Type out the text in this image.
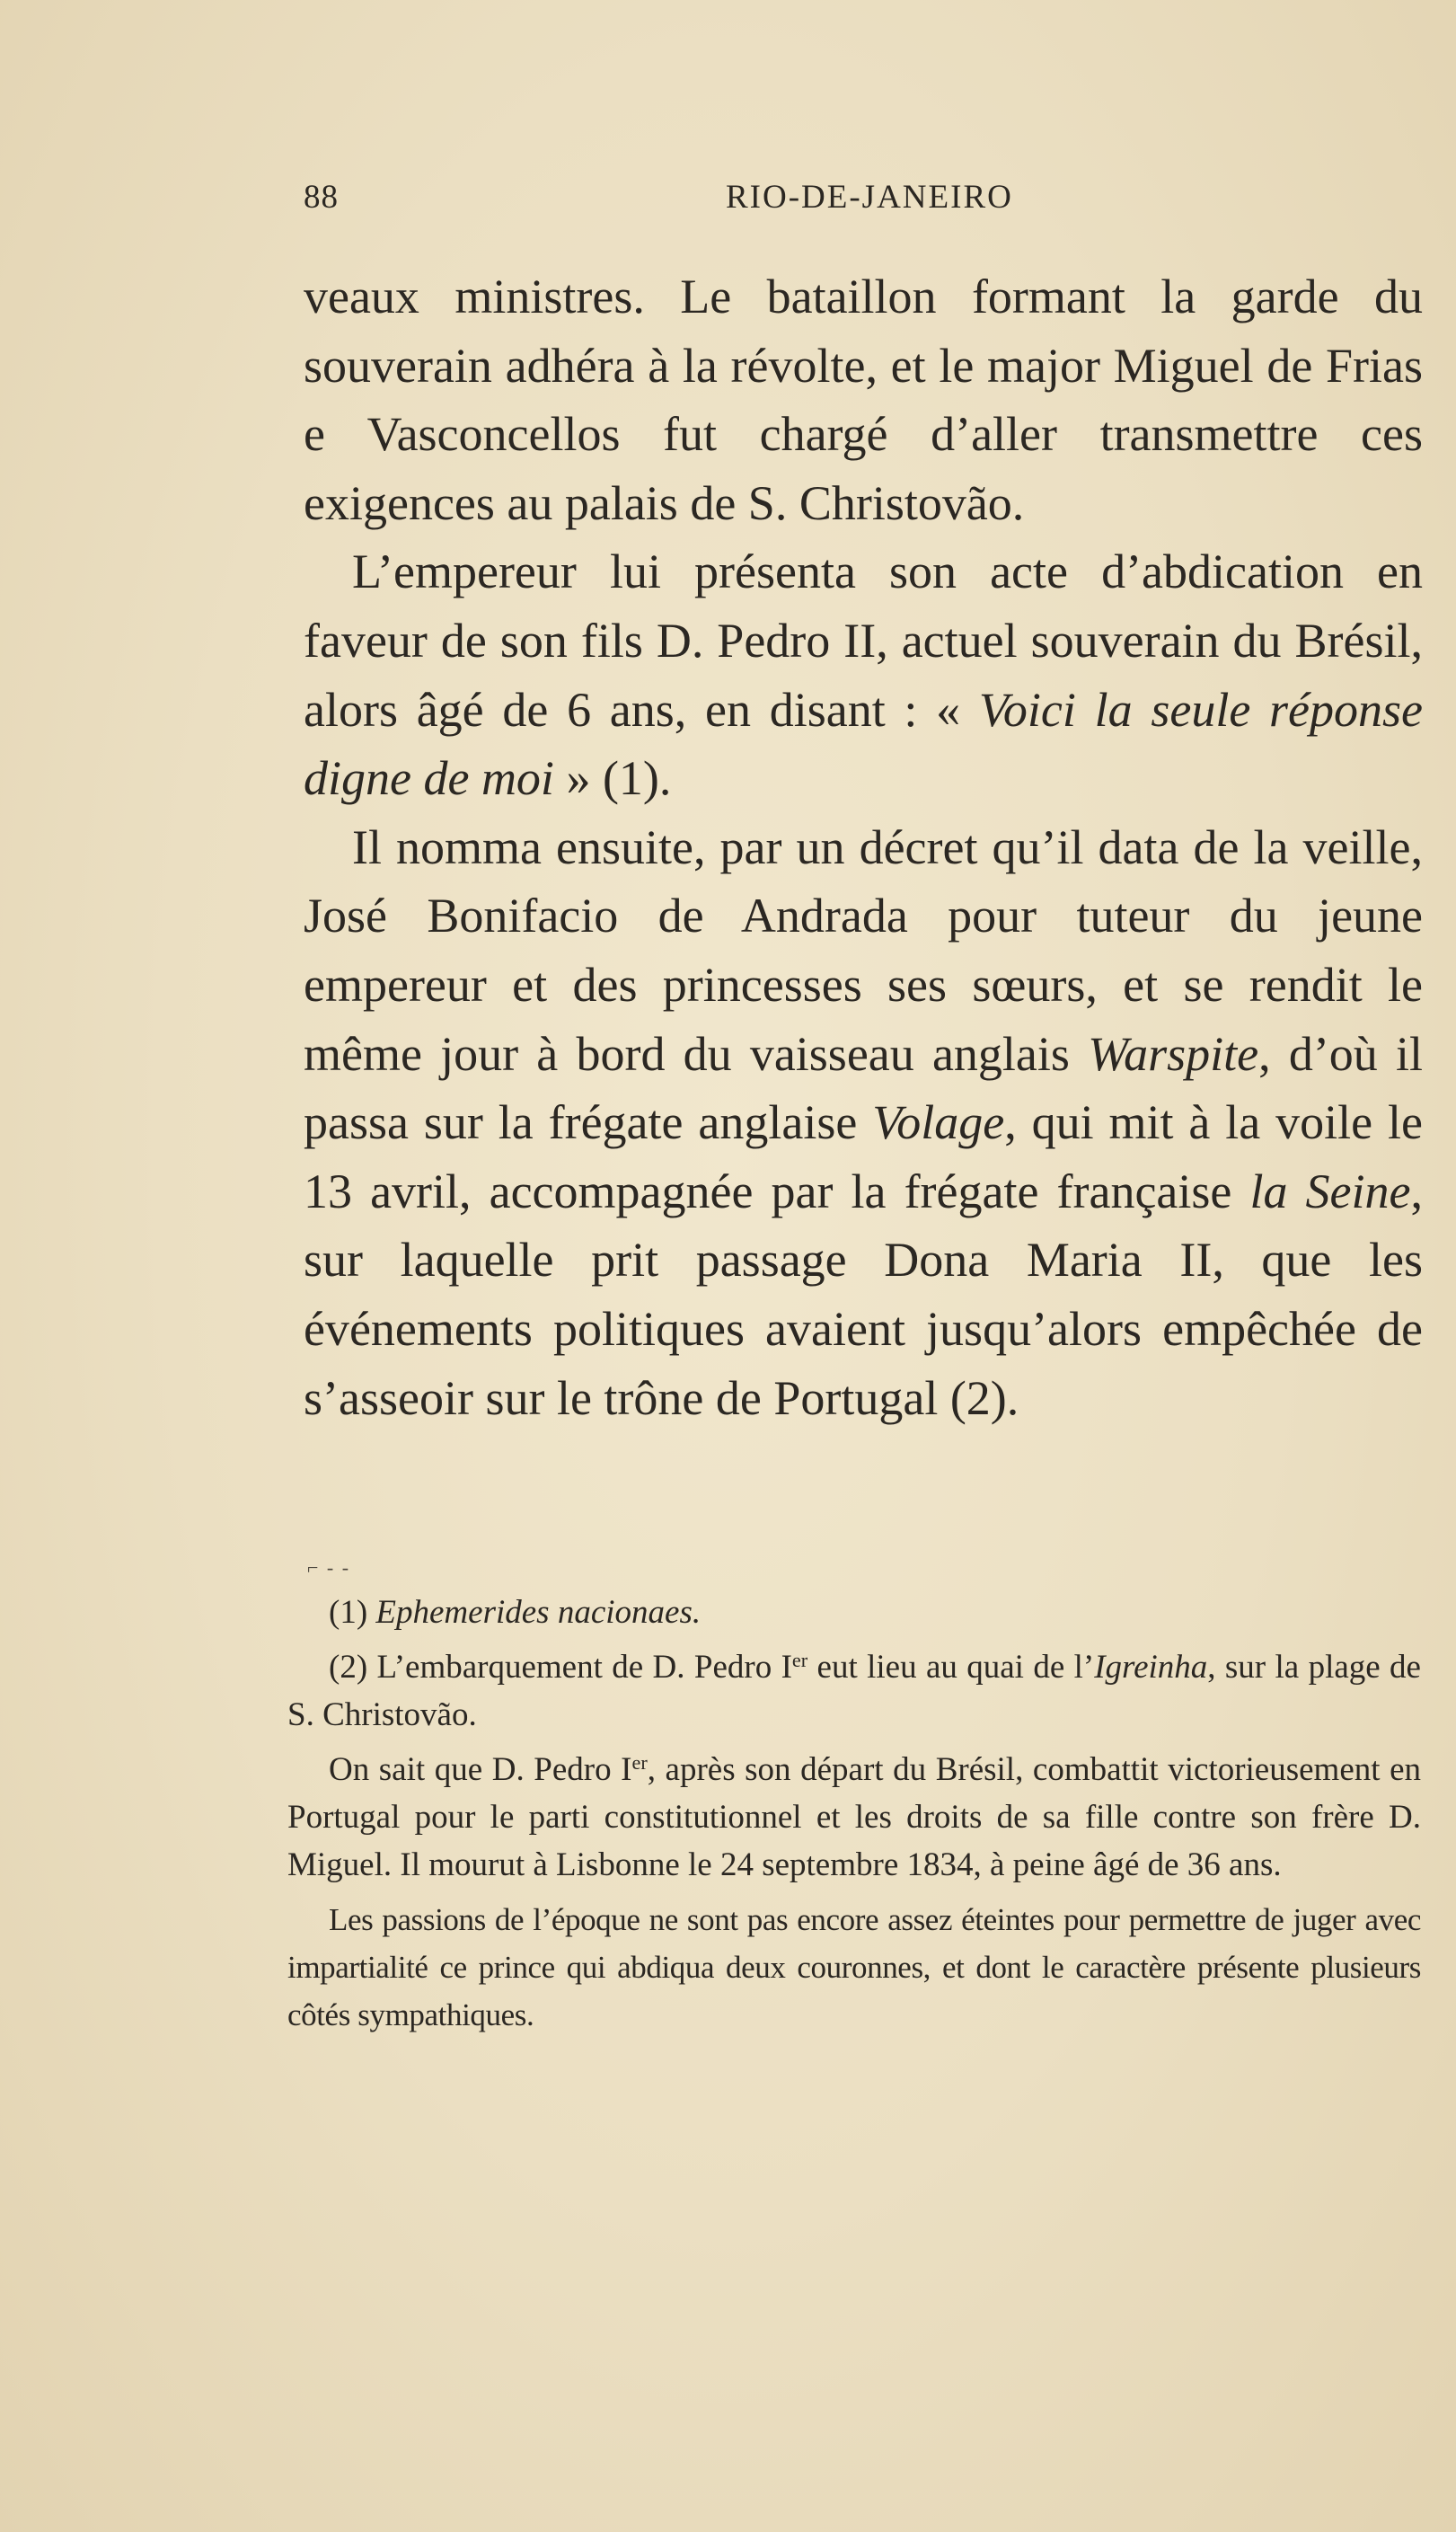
88	RIO-DE-JANEIRO

veaux ministres. Le bataillon formant la garde du souverain adhéra à la révolte, et le major Miguel de Frias e Vasconcellos fut chargé d’aller transmettre ces exigences au palais de S. Christovão.

L’empereur lui présenta son acte d’abdication en faveur de son fils D. Pedro II, actuel souverain du Brésil, alors âgé de 6 ans, en disant : « Voici la seule réponse digne de moi » (1).

Il nomma ensuite, par un décret qu’il data de la veille, José Bonifacio de Andrada pour tuteur du jeune empereur et des princesses ses sœurs, et se rendit le même jour à bord du vaisseau anglais Warspite, d’où il passa sur la frégate anglaise Volage, qui mit à la voile le 13 avril, accompagnée par la frégate française la Seine, sur laquelle prit passage Dona Maria II, que les événements politiques avaient jusqu’alors empêchée de s’asseoir sur le trône de Portugal (2).

⌐ - -

(1) Ephemerides nacionaes.

(2) L’embarquement de D. Pedro Ier eut lieu au quai de l’Igreinha, sur la plage de S. Christovão.

On sait que D. Pedro Ier, après son départ du Brésil, combattit victorieusement en Portugal pour le parti constitutionnel et les droits de sa fille contre son frère D. Miguel. Il mourut à Lisbonne le 24 septembre 1834, à peine âgé de 36 ans.

Les passions de l’époque ne sont pas encore assez éteintes pour permettre de juger avec impartialité ce prince qui abdiqua deux couronnes, et dont le caractère présente plusieurs côtés sympathiques.
